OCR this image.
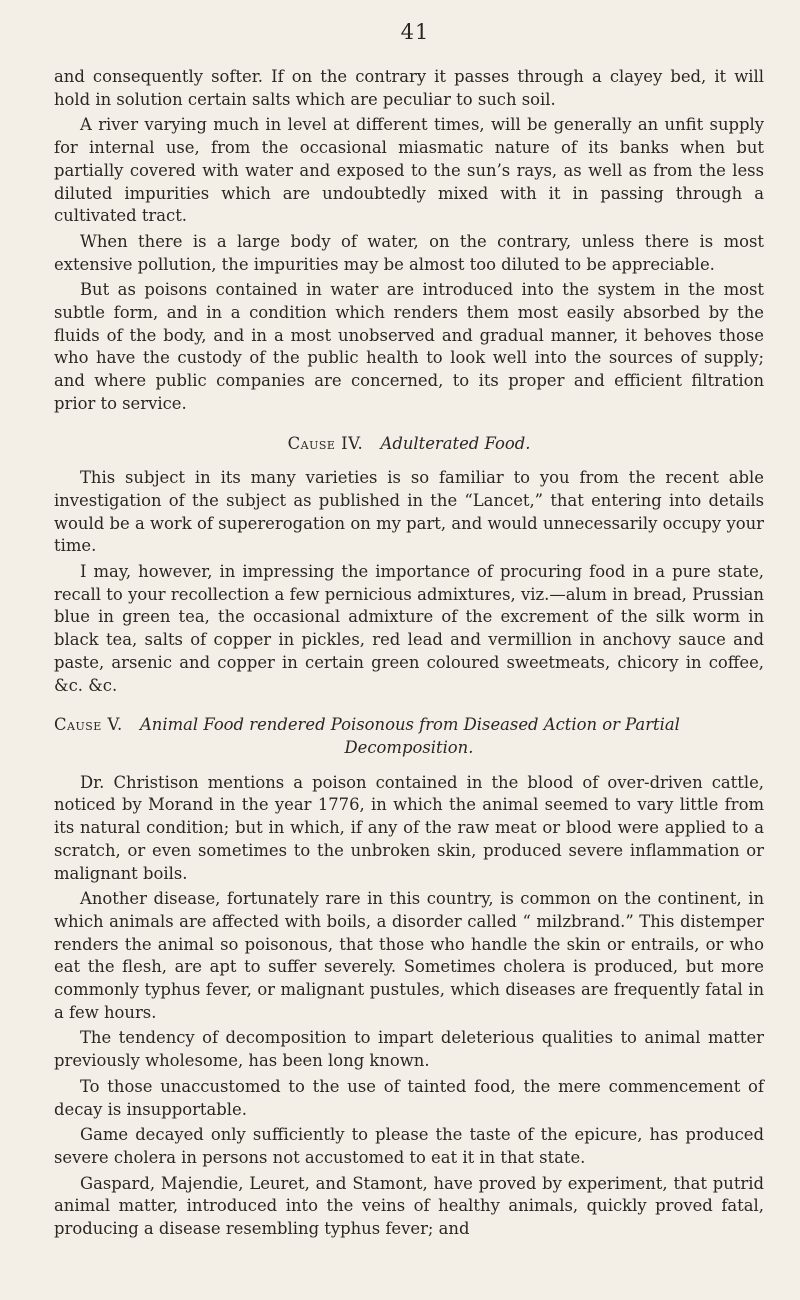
41

and consequently softer. If on the contrary it passes through a clayey bed, it will hold in solution certain salts which are peculiar to such soil.

A river varying much in level at different times, will be generally an unfit supply for internal use, from the occasional miasmatic nature of its banks when but partially covered with water and exposed to the sun’s rays, as well as from the less diluted impurities which are undoubtedly mixed with it in passing through a cultivated tract.

When there is a large body of water, on the contrary, unless there is most extensive pollution, the impurities may be almost too diluted to be appreciable.

But as poisons contained in water are introduced into the system in the most subtle form, and in a condition which renders them most easily absorbed by the fluids of the body, and in a most unobserved and gradual manner, it behoves those who have the custody of the public health to look well into the sources of supply; and where public companies are concerned, to its proper and efficient filtration prior to service.

Cause IV. Adulterated Food.

This subject in its many varieties is so familiar to you from the recent able investigation of the subject as published in the “Lancet,” that entering into details would be a work of supererogation on my part, and would unnecessarily occupy your time.

I may, however, in impressing the importance of procuring food in a pure state, recall to your recollection a few pernicious admixtures, viz.—alum in bread, Prussian blue in green tea, the occasional admixture of the excrement of the silk worm in black tea, salts of copper in pickles, red lead and vermillion in anchovy sauce and paste, arsenic and copper in certain green coloured sweetmeats, chicory in coffee, &c. &c.

Cause V. Animal Food rendered Poisonous from Diseased Action or Partial
Decomposition.

Dr. Christison mentions a poison contained in the blood of over-driven cattle, noticed by Morand in the year 1776, in which the animal seemed to vary little from its natural condition; but in which, if any of the raw meat or blood were applied to a scratch, or even sometimes to the unbroken skin, produced severe inflammation or malignant boils.

Another disease, fortunately rare in this country, is common on the continent, in which animals are affected with boils, a disorder called “ milzbrand.” This distemper renders the animal so poisonous, that those who handle the skin or entrails, or who eat the flesh, are apt to suffer severely. Sometimes cholera is produced, but more commonly typhus fever, or malignant pustules, which diseases are frequently fatal in a few hours.

The tendency of decomposition to impart deleterious qualities to animal matter previously wholesome, has been long known.

To those unaccustomed to the use of tainted food, the mere commencement of decay is insupportable.

Game decayed only sufficiently to please the taste of the epicure, has produced severe cholera in persons not accustomed to eat it in that state.

Gaspard, Majendie, Leuret, and Stamont, have proved by experiment, that putrid animal matter, introduced into the veins of healthy animals, quickly proved fatal, producing a disease resembling typhus fever; and
